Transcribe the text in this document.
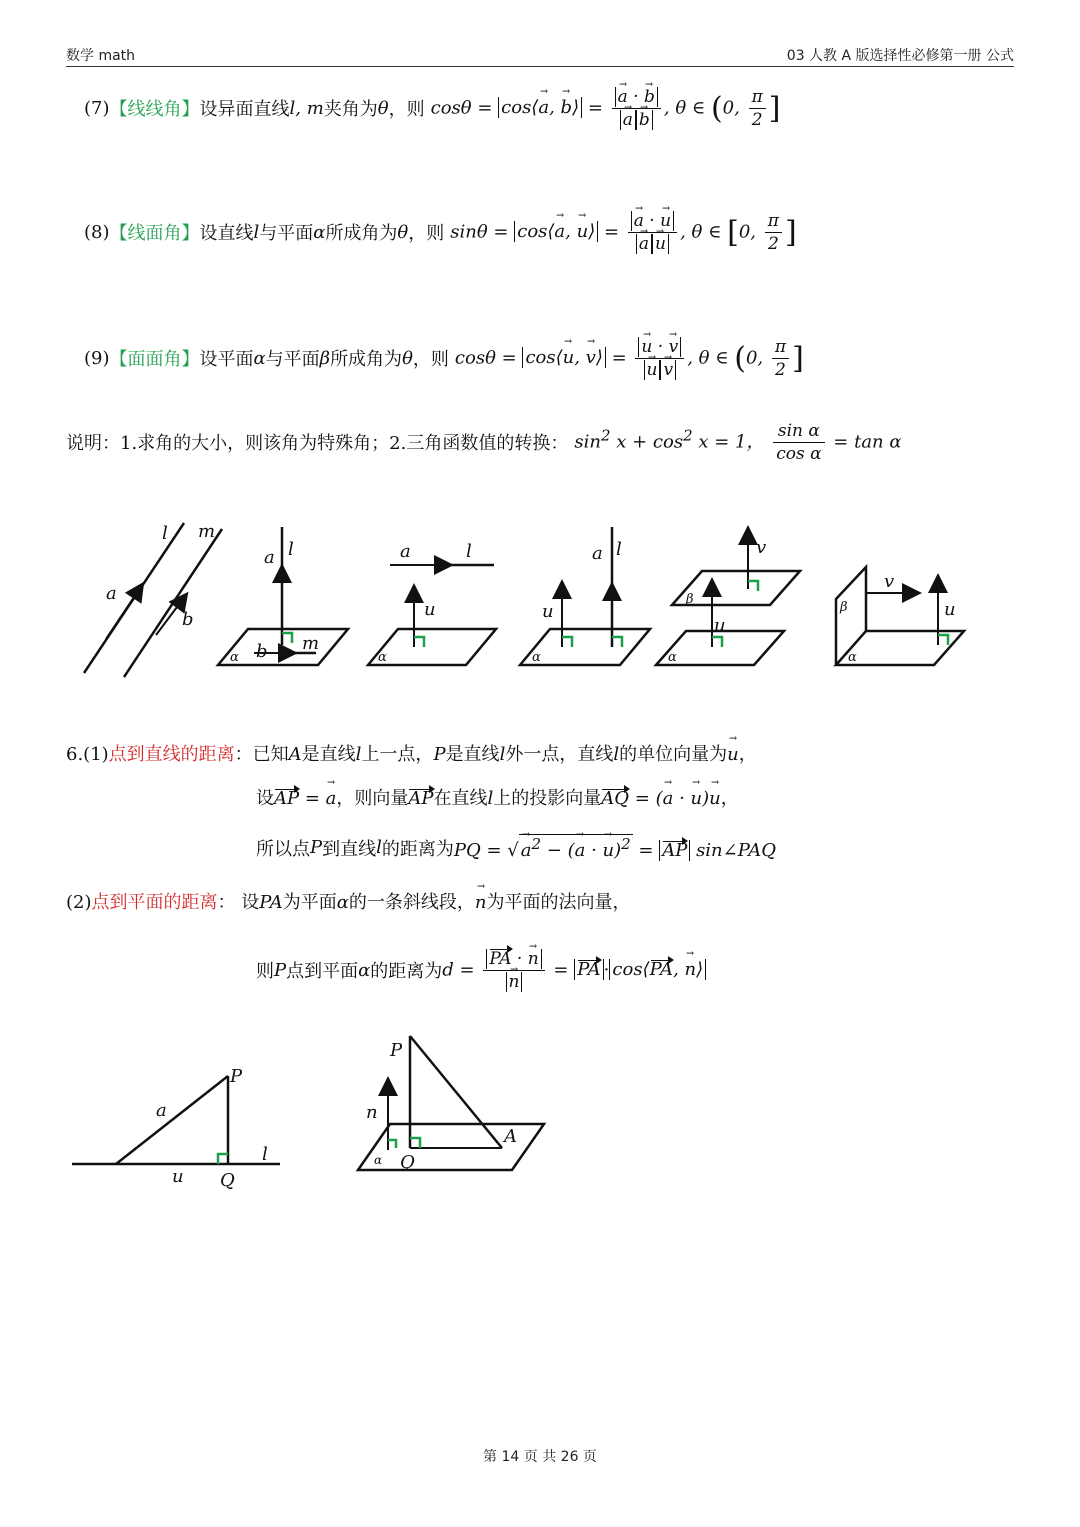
数学 math	03 人教 A 版选择性必修第一册 公式
(7) 【线线角】 设异面直线 l, m 夹角为 θ ，则 cosθ = cos⟨→ a, → b⟩ = → a · → b
→ a → b , θ ∈ (0, $\frac{\pi}{2}$ ]
(8) 【线面角】 设直线 l 与平面 α 所成角为 θ ，则 sinθ = cos⟨→ a, → u⟩ = → a · → u
→ a → u , θ ∈ [0, $\frac{\pi}{2}$ ]
(9) 【面面角】 设平面 α 与平面 β 所成角为 θ ，则 cosθ = cos⟨→ u, → v⟩ = → u · → v
→ u → v , θ ∈ (0, $\frac{\pi}{2}$ ]
说明：1.求角的大小，则该角为特殊角；2.三角函数值的转换： $\sin^2 x + \cos^2 x = 1$， $\frac{\text{sin α}}{\text{cos α}} = \tan \alpha$
l m
a
b
a l
b m
α
a	l
u
α
a l
u
α
v
u
β
α
v
u
β
α
6.(1)点到直线的距离：已知A是直线l上一点，P是直线l外一点，直线l的单位向量为→ u，
设AP = → a，则向量AP在直线l上的投影向量AQ = (→ a · → u)→ u，
所以点 P 到直线 l 的距离为 PQ = √ → $a^2$ − (→ a · → u)$^2$ = AP sin∠PAQ
(2)点到平面的距离： 设PA为平面α的一条斜线段，→ n为平面的法向量，
则 P 点到平面 α 的距离为 d = PA · → n
→ n = PA · cos⟨PA, → n⟩
a
P
u Q
l
P
n
A
Q
α
第 14 页 共 26 页
